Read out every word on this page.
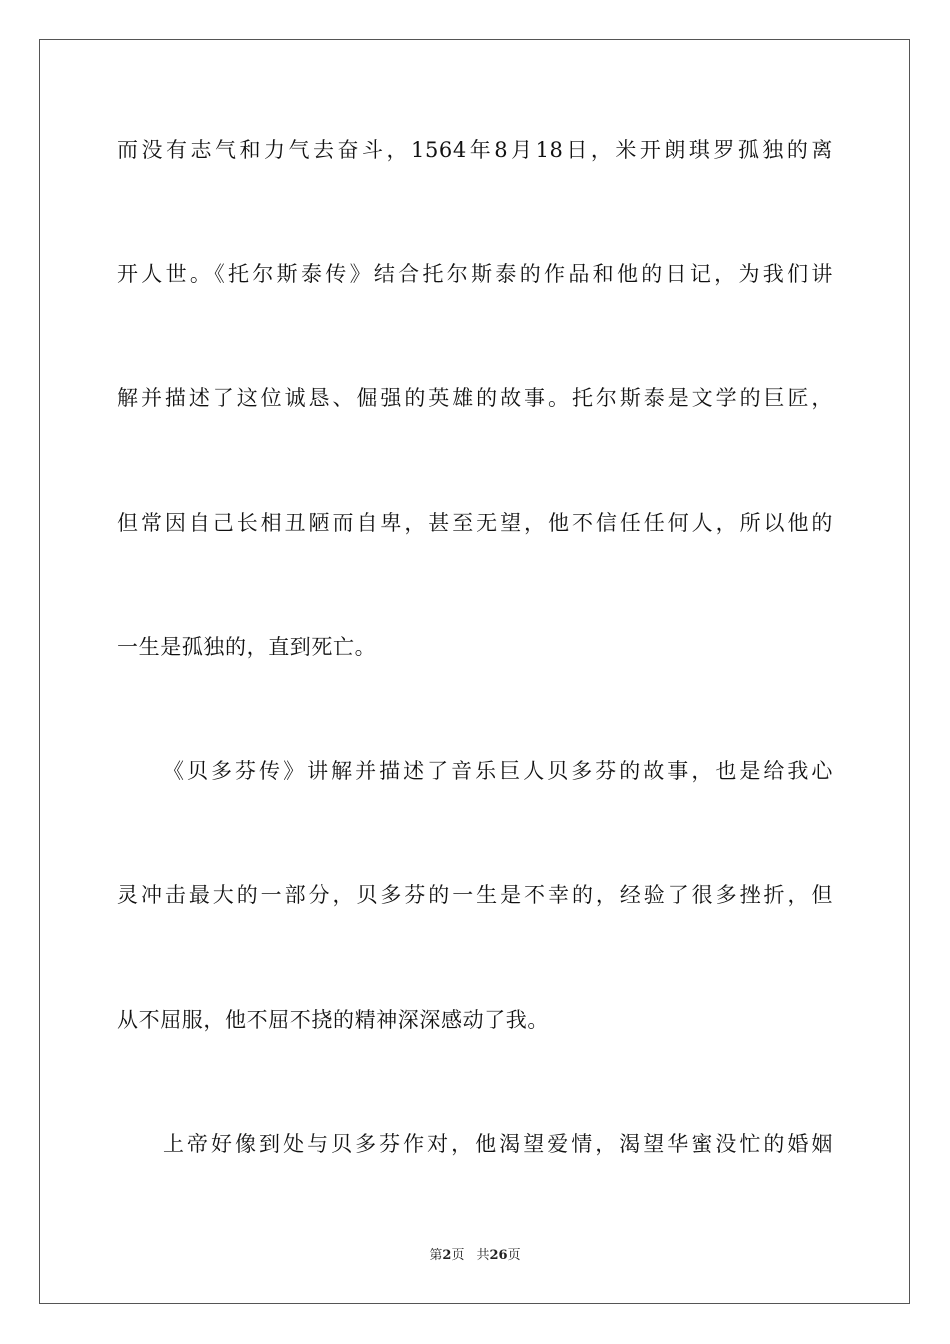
而没有志气和力气去奋斗，1564年8月18日，米开朗琪罗孤独的离
开人世。《托尔斯泰传》结合托尔斯泰的作品和他的日记，为我们讲
解并描述了这位诚恳、倔强的英雄的故事。托尔斯泰是文学的巨匠，
但常因自己长相丑陋而自卑，甚至无望，他不信任任何人，所以他的
一生是孤独的，直到死亡。
《贝多芬传》讲解并描述了音乐巨人贝多芬的故事，也是给我心
灵冲击最大的一部分，贝多芬的一生是不幸的，经验了很多挫折，但
从不屈服，他不屈不挠的精神深深感动了我。
上帝好像到处与贝多芬作对，他渴望爱情，渴望华蜜没忙的婚姻
第2页 共26页
